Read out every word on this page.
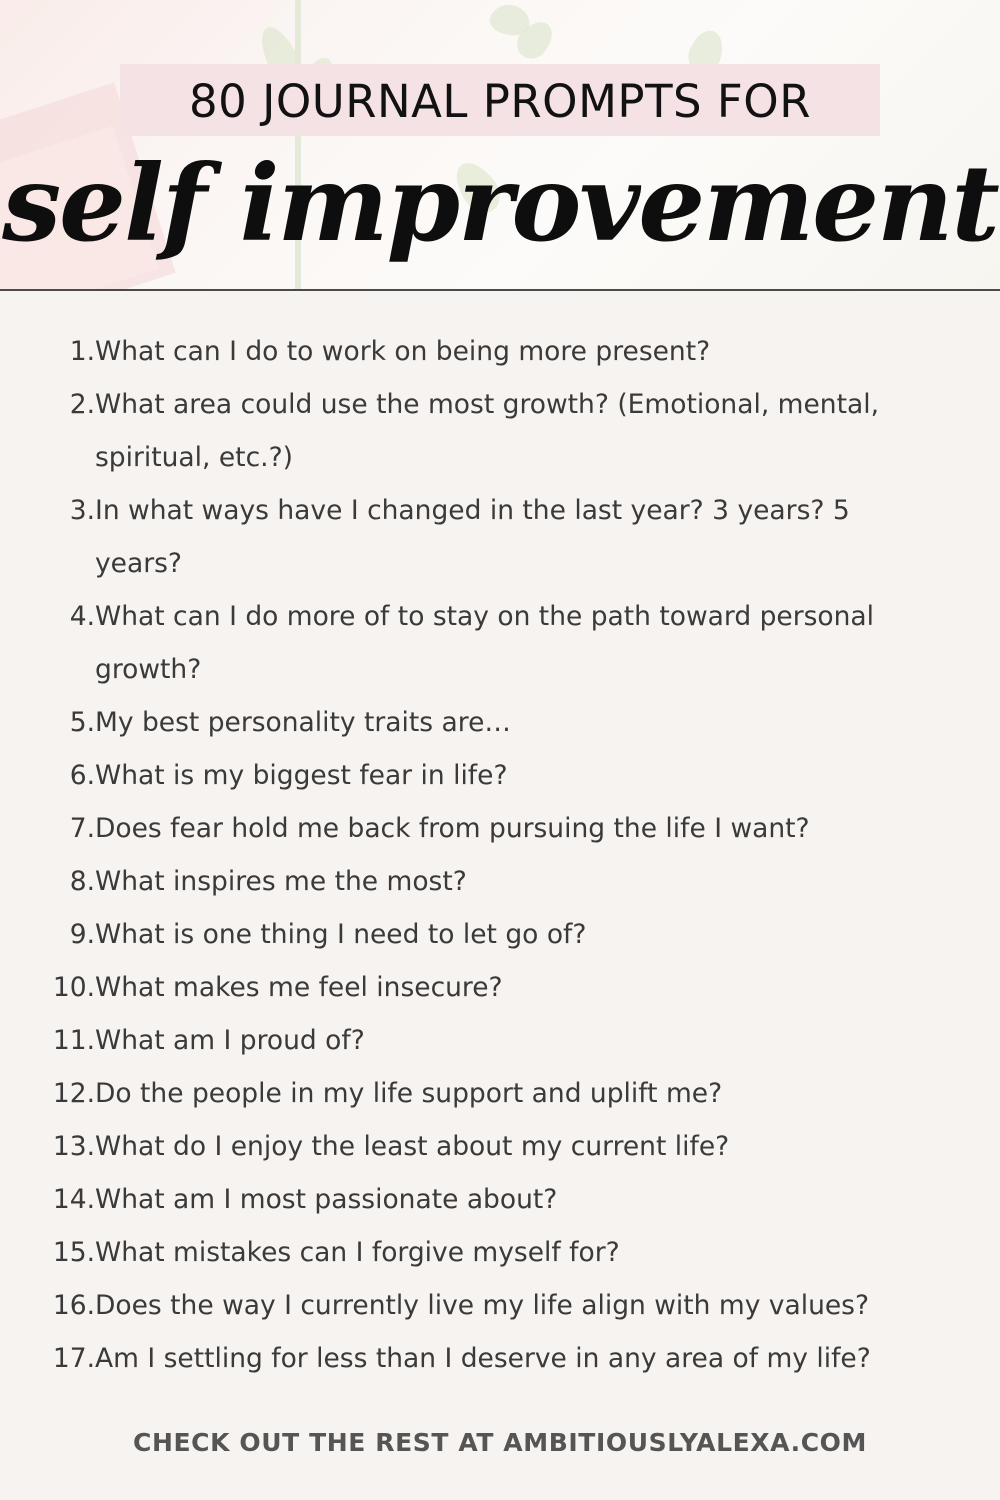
80 JOURNAL PROMPTS FOR
self improvement
1. What can I do to work on being more present?
2. What area could use the most growth? (Emotional, mental, spiritual, etc.?)
3. In what ways have I changed in the last year? 3 years? 5 years?
4. What can I do more of to stay on the path toward personal growth?
5. My best personality traits are…
6. What is my biggest fear in life?
7. Does fear hold me back from pursuing the life I want?
8. What inspires me the most?
9. What is one thing I need to let go of?
10. What makes me feel insecure?
11. What am I proud of?
12. Do the people in my life support and uplift me?
13. What do I enjoy the least about my current life?
14. What am I most passionate about?
15. What mistakes can I forgive myself for?
16. Does the way I currently live my life align with my values?
17. Am I settling for less than I deserve in any area of my life?
CHECK OUT THE REST AT AMBITIOUSLYALEXA.COM
